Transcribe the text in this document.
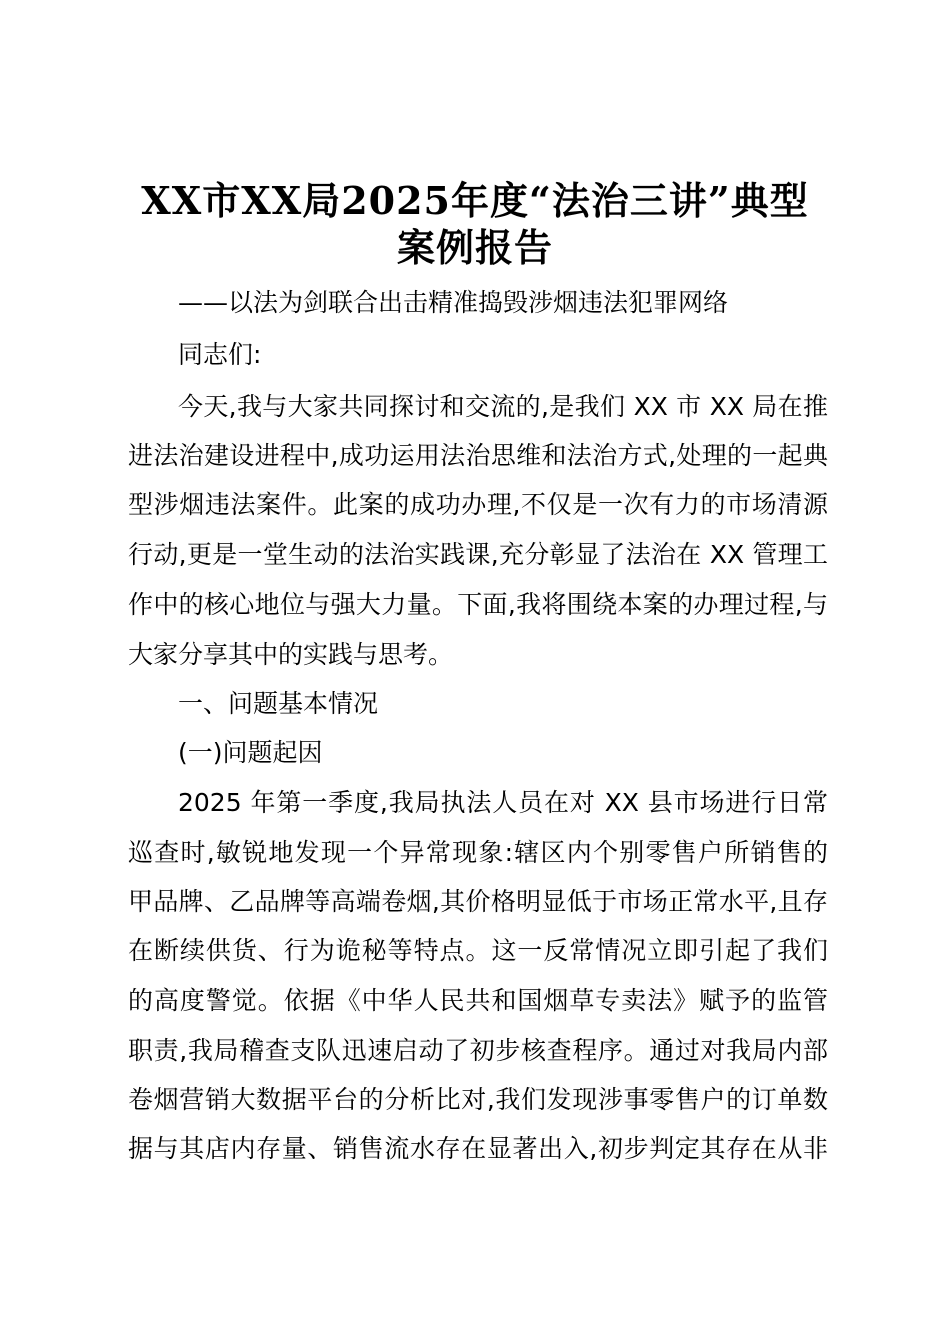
XX市XX局2025年度“法治三讲”典型
案例报告
——以法为剑联合出击精准捣毁涉烟违法犯罪网络
同志们:
今天,我与大家共同探讨和交流的,是我们 XX 市 XX 局在推
进法治建设进程中,成功运用法治思维和法治方式,处理的一起典
型涉烟违法案件。此案的成功办理,不仅是一次有力的市场清源
行动,更是一堂生动的法治实践课,充分彰显了法治在 XX 管理工
作中的核心地位与强大力量。下面,我将围绕本案的办理过程,与
大家分享其中的实践与思考。
一、问题基本情况
(一)问题起因
2025 年第一季度,我局执法人员在对 XX 县市场进行日常
巡查时,敏锐地发现一个异常现象:辖区内个别零售户所销售的
甲品牌、乙品牌等高端卷烟,其价格明显低于市场正常水平,且存
在断续供货、行为诡秘等特点。这一反常情况立即引起了我们
的高度警觉。依据《中华人民共和国烟草专卖法》赋予的监管
职责,我局稽查支队迅速启动了初步核查程序。通过对我局内部
卷烟营销大数据平台的分析比对,我们发现涉事零售户的订单数
据与其店内存量、销售流水存在显著出入,初步判定其存在从非
